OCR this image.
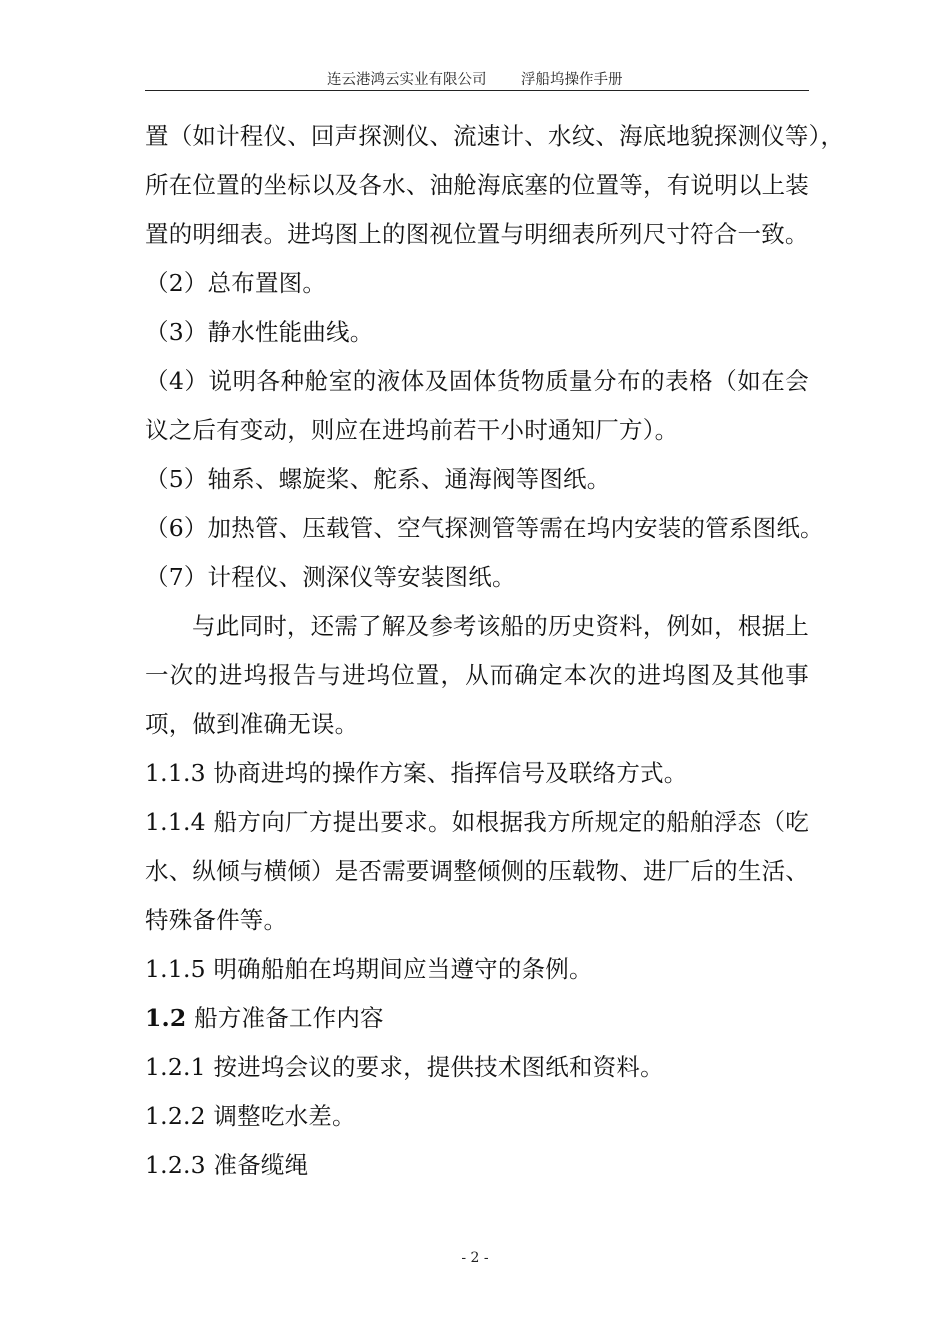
连云港鸿云实业有限公司 浮船坞操作手册
置（如计程仪、回声探测仪、流速计、水纹、海底地貌探测仪等），
所在位置的坐标以及各水、油舱海底塞的位置等，有说明以上装
置的明细表。进坞图上的图视位置与明细表所列尺寸符合一致。
（2）总布置图。
（3）静水性能曲线。
（4）说明各种舱室的液体及固体货物质量分布的表格（如在会
议之后有变动，则应在进坞前若干小时通知厂方）。
（5）轴系、螺旋桨、舵系、通海阀等图纸。
（6）加热管、压载管、空气探测管等需在坞内安装的管系图纸。
（7）计程仪、测深仪等安装图纸。
与此同时，还需了解及参考该船的历史资料，例如，根据上
一次的进坞报告与进坞位置，从而确定本次的进坞图及其他事
项，做到准确无误。
1.1.3 协商进坞的操作方案、指挥信号及联络方式。
1.1.4 船方向厂方提出要求。如根据我方所规定的船舶浮态（吃
水、纵倾与横倾）是否需要调整倾侧的压载物、进厂后的生活、
特殊备件等。
1.1.5 明确船舶在坞期间应当遵守的条例。
1.2 船方准备工作内容
1.2.1 按进坞会议的要求，提供技术图纸和资料。
1.2.2 调整吃水差。
1.2.3 准备缆绳
- 2 -
